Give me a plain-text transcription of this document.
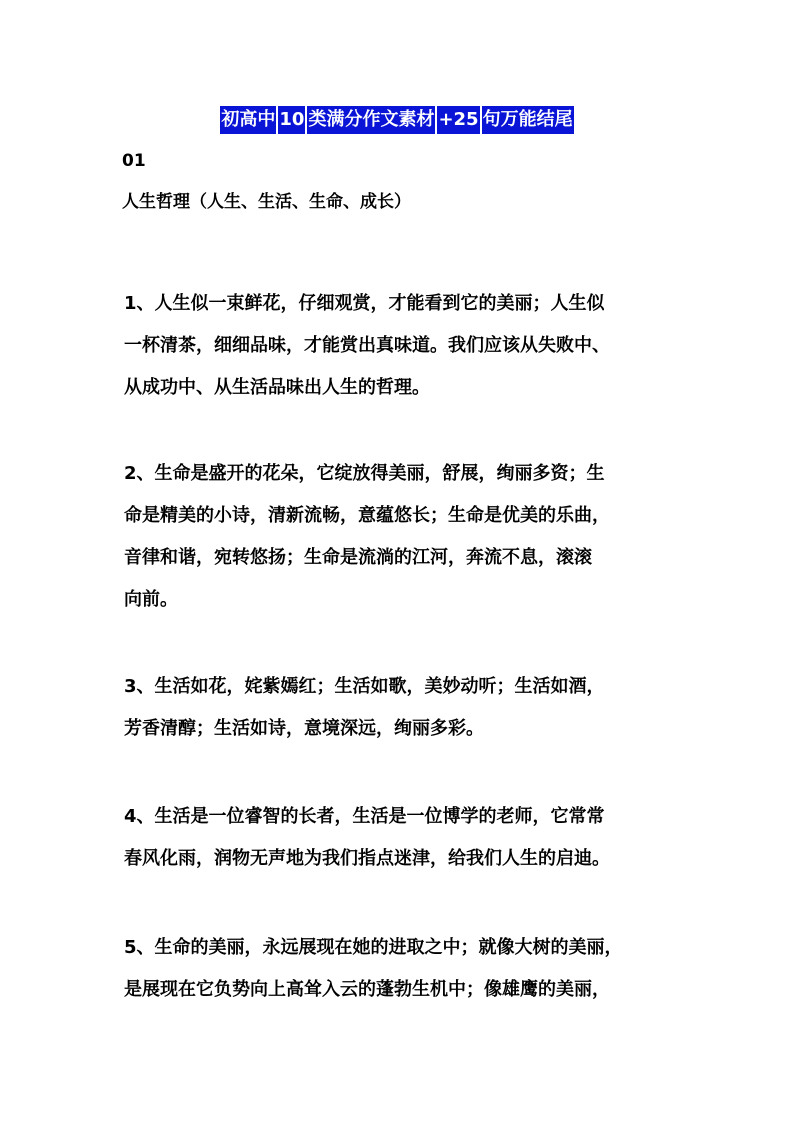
初高中 10 类满分作文素材 +25 句万能结尾
01
人生哲理（人生、生活、生命、成长）
1、人生似一束鲜花，仔细观赏，才能看到它的美丽；人生似
一杯清茶，细细品味，才能赏出真味道。我们应该从失败中、
从成功中、从生活品味出人生的哲理。
2、生命是盛开的花朵，它绽放得美丽，舒展，绚丽多资；生
命是精美的小诗，清新流畅，意蕴悠长；生命是优美的乐曲，
音律和谐，宛转悠扬；生命是流淌的江河，奔流不息，滚滚
向前。
3、生活如花，姹紫嫣红；生活如歌，美妙动听；生活如酒，
芳香清醇；生活如诗，意境深远，绚丽多彩。
4、生活是一位睿智的长者，生活是一位博学的老师，它常常
春风化雨，润物无声地为我们指点迷津，给我们人生的启迪。
5、生命的美丽，永远展现在她的进取之中；就像大树的美丽，
是展现在它负势向上高耸入云的蓬勃生机中；像雄鹰的美丽，
